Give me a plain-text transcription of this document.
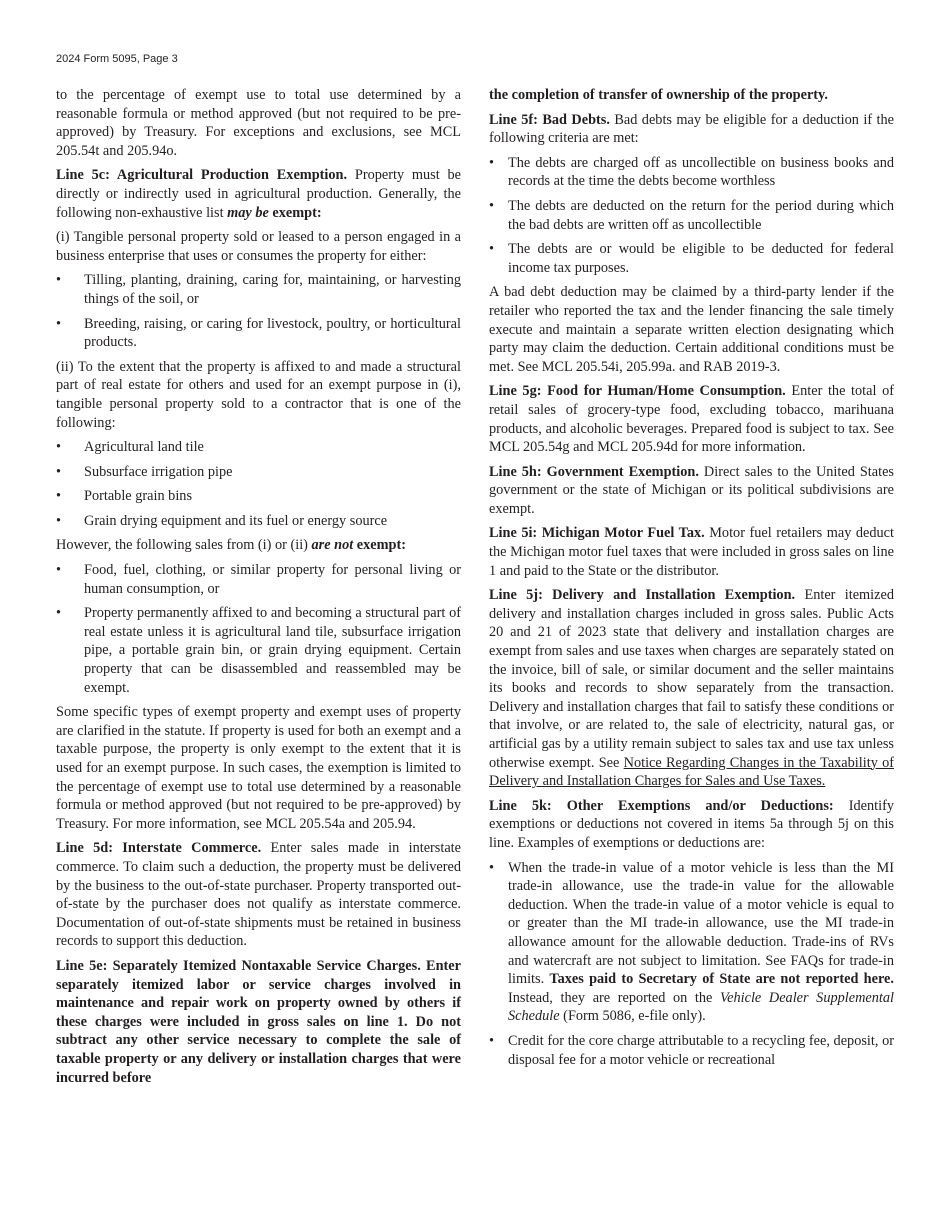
2024 Form 5095, Page 3

to the percentage of exempt use to total use determined by a reasonable formula or method approved (but not required to be pre-approved) by Treasury. For exceptions and exclusions, see MCL 205.54t and 205.94o.

Line 5c: Agricultural Production Exemption. Property must be directly or indirectly used in agricultural production. Generally, the following non-exhaustive list may be exempt:

(i) Tangible personal property sold or leased to a person engaged in a business enterprise that uses or consumes the property for either:

• Tilling, planting, draining, caring for, maintaining, or harvesting things of the soil, or
• Breeding, raising, or caring for livestock, poultry, or horticultural products.

(ii) To the extent that the property is affixed to and made a structural part of real estate for others and used for an exempt purpose in (i), tangible personal property sold to a contractor that is one of the following:

• Agricultural land tile
• Subsurface irrigation pipe
• Portable grain bins
• Grain drying equipment and its fuel or energy source

However, the following sales from (i) or (ii) are not exempt:

• Food, fuel, clothing, or similar property for personal living or human consumption, or
• Property permanently affixed to and becoming a structural part of real estate unless it is agricultural land tile, subsurface irrigation pipe, a portable grain bin, or grain drying equipment. Certain property that can be disassembled and reassembled may be exempt.

Some specific types of exempt property and exempt uses of property are clarified in the statute. If property is used for both an exempt and a taxable purpose, the property is only exempt to the extent that it is used for an exempt purpose. In such cases, the exemption is limited to the percentage of exempt use to total use determined by a reasonable formula or method approved (but not required to be pre-approved) by Treasury. For more information, see MCL 205.54a and 205.94.

Line 5d: Interstate Commerce. Enter sales made in interstate commerce. To claim such a deduction, the property must be delivered by the business to the out-of-state purchaser. Property transported out-of-state by the purchaser does not qualify as interstate commerce. Documentation of out-of-state shipments must be retained in business records to support this deduction.

Line 5e: Separately Itemized Nontaxable Service Charges. Enter separately itemized labor or service charges involved in maintenance and repair work on property owned by others if these charges were included in gross sales on line 1. Do not subtract any other service necessary to complete the sale of taxable property or any delivery or installation charges that were incurred before

the completion of transfer of ownership of the property.

Line 5f: Bad Debts. Bad debts may be eligible for a deduction if the following criteria are met:

• The debts are charged off as uncollectible on business books and records at the time the debts become worthless
• The debts are deducted on the return for the period during which the bad debts are written off as uncollectible
• The debts are or would be eligible to be deducted for federal income tax purposes.

A bad debt deduction may be claimed by a third-party lender if the retailer who reported the tax and the lender financing the sale timely execute and maintain a separate written election designating which party may claim the deduction. Certain additional conditions must be met. See MCL 205.54i, 205.99a. and RAB 2019-3.

Line 5g: Food for Human/Home Consumption. Enter the total of retail sales of grocery-type food, excluding tobacco, marihuana products, and alcoholic beverages. Prepared food is subject to tax. See MCL 205.54g and MCL 205.94d for more information.

Line 5h: Government Exemption. Direct sales to the United States government or the state of Michigan or its political subdivisions are exempt.

Line 5i: Michigan Motor Fuel Tax. Motor fuel retailers may deduct the Michigan motor fuel taxes that were included in gross sales on line 1 and paid to the State or the distributor.

Line 5j: Delivery and Installation Exemption. Enter itemized delivery and installation charges included in gross sales. Public Acts 20 and 21 of 2023 state that delivery and installation charges are exempt from sales and use taxes when charges are separately stated on the invoice, bill of sale, or similar document and the seller maintains its books and records to show separately from the transaction. Delivery and installation charges that fail to satisfy these conditions or that involve, or are related to, the sale of electricity, natural gas, or artificial gas by a utility remain subject to sales tax and use tax unless otherwise exempt. See Notice Regarding Changes in the Taxability of Delivery and Installation Charges for Sales and Use Taxes.

Line 5k: Other Exemptions and/or Deductions: Identify exemptions or deductions not covered in items 5a through 5j on this line. Examples of exemptions or deductions are:

• When the trade-in value of a motor vehicle is less than the MI trade-in allowance, use the trade-in value for the allowable deduction. When the trade-in value of a motor vehicle is equal to or greater than the MI trade-in allowance, use the MI trade-in allowance amount for the allowable deduction. Trade-ins of RVs and watercraft are not subject to limitation. See FAQs for trade-in limits. Taxes paid to Secretary of State are not reported here. Instead, they are reported on the Vehicle Dealer Supplemental Schedule (Form 5086, e-file only).
• Credit for the core charge attributable to a recycling fee, deposit, or disposal fee for a motor vehicle or recreational
